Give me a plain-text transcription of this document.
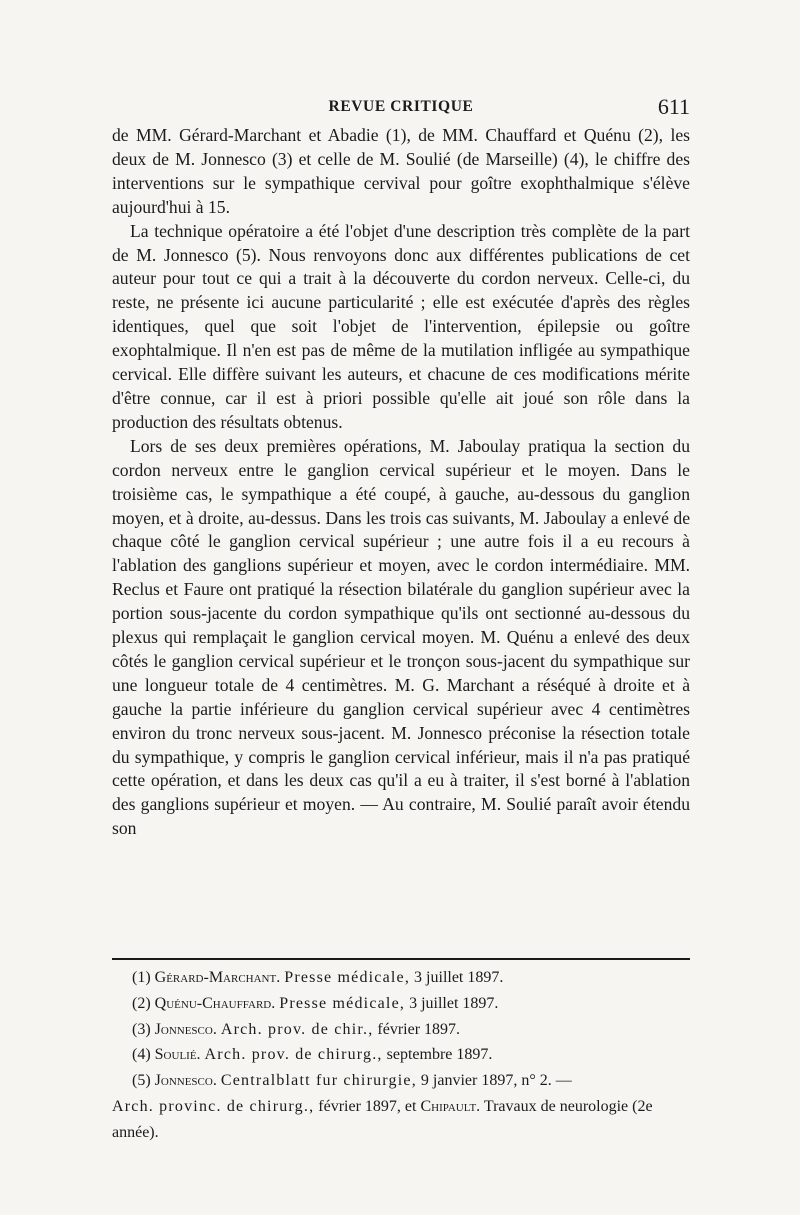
REVUE CRITIQUE	611

de MM. Gérard-Marchant et Abadie (1), de MM. Chauffard et Quénu (2), les deux de M. Jonnesco (3) et celle de M. Soulié (de Marseille) (4), le chiffre des interventions sur le sympathique cervival pour goître exophthalmique s'élève aujourd'hui à 15.

La technique opératoire a été l'objet d'une description très complète de la part de M. Jonnesco (5). Nous renvoyons donc aux différentes publications de cet auteur pour tout ce qui a trait à la découverte du cordon nerveux. Celle-ci, du reste, ne présente ici aucune particularité ; elle est exécutée d'après des règles identiques, quel que soit l'objet de l'intervention, épilepsie ou goître exophtalmique. Il n'en est pas de même de la mutilation infligée au sympathique cervical. Elle diffère suivant les auteurs, et chacune de ces modifications mérite d'être connue, car il est à priori possible qu'elle ait joué son rôle dans la production des résultats obtenus.

Lors de ses deux premières opérations, M. Jaboulay pratiqua la section du cordon nerveux entre le ganglion cervical supérieur et le moyen. Dans le troisième cas, le sympathique a été coupé, à gauche, au-dessous du ganglion moyen, et à droite, au-dessus. Dans les trois cas suivants, M. Jaboulay a enlevé de chaque côté le ganglion cervical supérieur ; une autre fois il a eu recours à l'ablation des ganglions supérieur et moyen, avec le cordon intermédiaire. MM. Reclus et Faure ont pratiqué la résection bilatérale du ganglion supérieur avec la portion sous-jacente du cordon sympathique qu'ils ont sectionné au-dessous du plexus qui remplaçait le ganglion cervical moyen. M. Quénu a enlevé des deux côtés le ganglion cervical supérieur et le tronçon sous-jacent du sympathique sur une longueur totale de 4 centimètres. M. G. Marchant a réséqué à droite et à gauche la partie inférieure du ganglion cervical supérieur avec 4 centimètres environ du tronc nerveux sous-jacent. M. Jonnesco préconise la résection totale du sympathique, y compris le ganglion cervical inférieur, mais il n'a pas pratiqué cette opération, et dans les deux cas qu'il a eu à traiter, il s'est borné à l'ablation des ganglions supérieur et moyen. — Au contraire, M. Soulié paraît avoir étendu son

(1) Gérard-Marchant. Presse médicale, 3 juillet 1897.

(2) Quénu-Chauffard. Presse médicale, 3 juillet 1897.

(3) Jonnesco. Arch. prov. de chir., février 1897.

(4) Soulié. Arch. prov. de chirurg., septembre 1897.

(5) Jonnesco. Centralblatt fur chirurgie, 9 janvier 1897, n° 2. —

Arch. provinc. de chirurg., février 1897, et Chipault. Travaux de neurologie (2e année).
